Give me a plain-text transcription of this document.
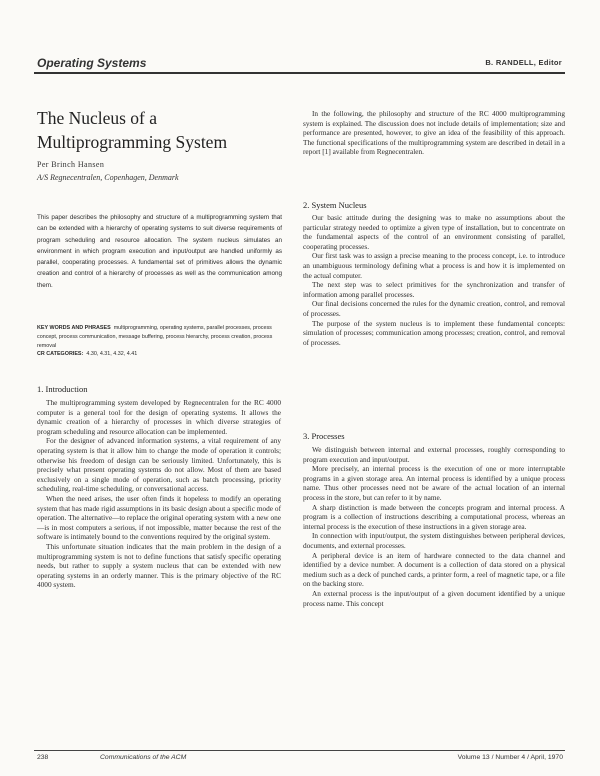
Operating Systems	B. RANDELL, Editor
The Nucleus of a Multiprogramming System
Per Brinch Hansen
A/S Regnecentralen, Copenhagen, Denmark
This paper describes the philosophy and structure of a multiprogramming system that can be extended with a hierarchy of operating systems to suit diverse requirements of program scheduling and resource allocation. The system nucleus simulates an environment in which program execution and input/output are handled uniformly as parallel, cooperating processes. A fundamental set of primitives allows the dynamic creation and control of a hierarchy of processes as well as the communication among them.
KEY WORDS AND PHRASES multiprogramming, operating systems, parallel processes, process concept, process communication, message buffering, process hierarchy, process creation, process removal
CR CATEGORIES: 4.30, 4.31, 4.32, 4.41
1. Introduction

The multiprogramming system developed by Regnecentralen for the RC 4000 computer is a general tool for the design of operating systems. It allows the dynamic creation of a hierarchy of processes in which diverse strategies of program scheduling and resource allocation can be implemented.

For the designer of advanced information systems, a vital requirement of any operating system is that it allow him to change the mode of operation it controls; otherwise his freedom of design can be seriously limited. Unfortunately, this is precisely what present operating systems do not allow. Most of them are based exclusively on a single mode of operation, such as batch processing, priority scheduling, real-time scheduling, or conversational access.

When the need arises, the user often finds it hopeless to modify an operating system that has made rigid assumptions in its basic design about a specific mode of operation. The alternative—to replace the original operating system with a new one—is in most computers a serious, if not impossible, matter because the rest of the software is intimately bound to the conventions required by the original system.

This unfortunate situation indicates that the main problem in the design of a multiprogramming system is not to define functions that satisfy specific operating needs, but rather to supply a system nucleus that can be extended with new operating systems in an orderly manner. This is the primary objective of the RC 4000 system.

In the following, the philosophy and structure of the RC 4000 multiprogramming system is explained. The discussion does not include details of implementation; size and performance are presented, however, to give an idea of the feasibility of this approach. The functional specifications of the multiprogramming system are described in detail in a report [1] available from Regnecentralen.

2. System Nucleus

Our basic attitude during the designing was to make no assumptions about the particular strategy needed to optimize a given type of installation, but to concentrate on the fundamental aspects of the control of an environment consisting of parallel, cooperating processes.

Our first task was to assign a precise meaning to the process concept, i.e. to introduce an unambiguous terminology defining what a process is and how it is implemented on the actual computer.

The next step was to select primitives for the synchronization and transfer of information among parallel processes.

Our final decisions concerned the rules for the dynamic creation, control, and removal of processes.

The purpose of the system nucleus is to implement these fundamental concepts: simulation of processes; communication among processes; creation, control, and removal of processes.

3. Processes

We distinguish between internal and external processes, roughly corresponding to program execution and input/output.

More precisely, an internal process is the execution of one or more interruptable programs in a given storage area. An internal process is identified by a unique process name. Thus other processes need not be aware of the actual location of an internal process in the store, but can refer to it by name.

A sharp distinction is made between the concepts program and internal process. A program is a collection of instructions describing a computational process, whereas an internal process is the execution of these instructions in a given storage area.

In connection with input/output, the system distinguishes between peripheral devices, documents, and external processes.

A peripheral device is an item of hardware connected to the data channel and identified by a device number. A document is a collection of data stored on a physical medium such as a deck of punched cards, a printer form, a reel of magnetic tape, or a file on the backing store.

An external process is the input/output of a given document identified by a unique process name. This concept

238	Communications of the ACM	Volume 13 / Number 4 / April, 1970
